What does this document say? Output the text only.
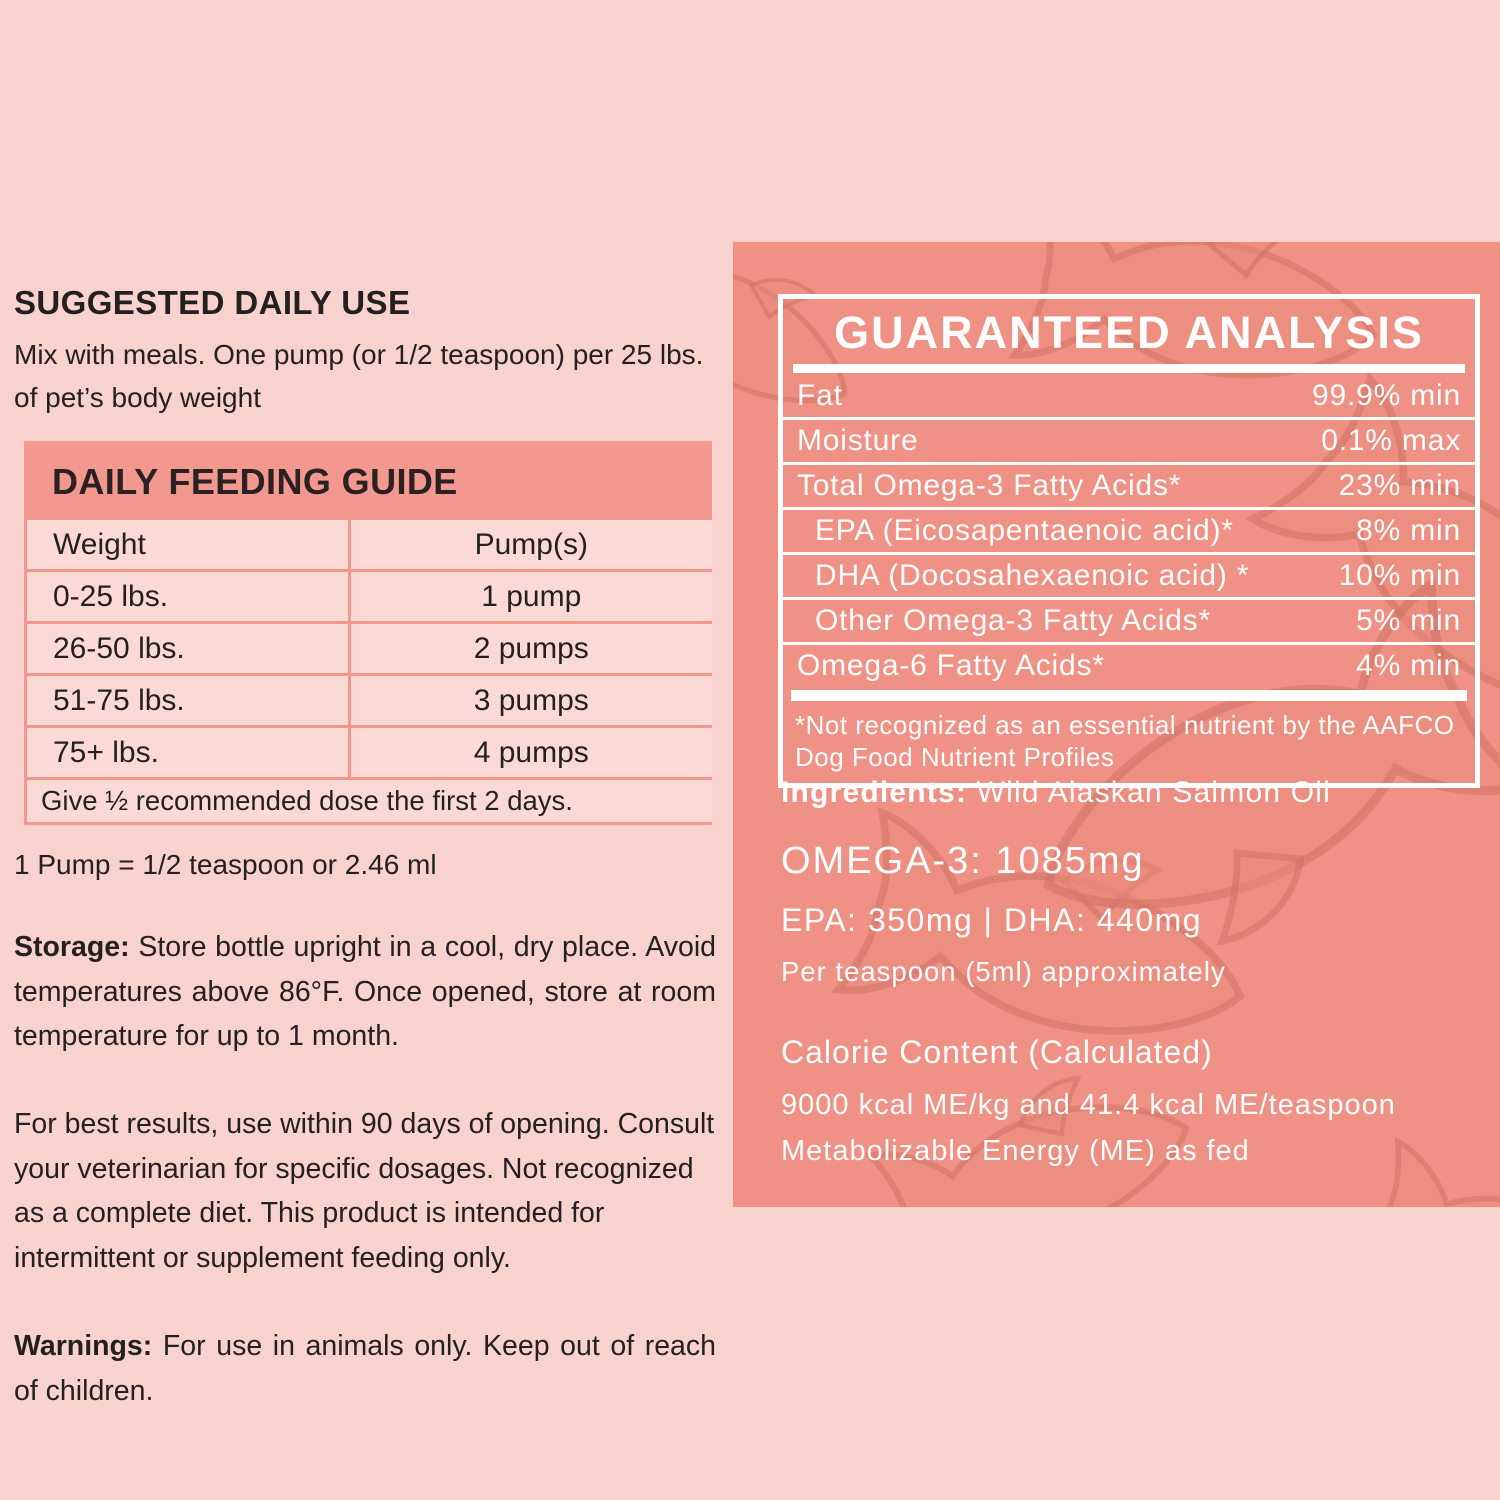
SUGGESTED DAILY USE

Mix with meals. One pump (or 1/2 teaspoon) per 25 lbs.
of pet’s body weight

DAILY FEEDING GUIDE
Weight	Pump(s)
0-25 lbs.	1 pump
26-50 lbs.	2 pumps
51-75 lbs.	3 pumps
75+ lbs.	4 pumps
Give ½ recommended dose the first 2 days.

1 Pump = 1/2 teaspoon or 2.46 ml

Storage: Store bottle upright in a cool, dry place. Avoid temperatures above 86°F. Once opened, store at room temperature for up to 1 month.

For best results, use within 90 days of opening. Consult your veterinarian for specific dosages. Not recognized as a complete diet. This product is intended for intermittent or supplement feeding only.

Warnings: For use in animals only. Keep out of reach of children.

GUARANTEED ANALYSIS
Fat	99.9% min
Moisture	0.1% max
Total Omega-3 Fatty Acids*	23% min
EPA (Eicosapentaenoic acid)*	8% min
DHA (Docosahexaenoic acid) *	10% min
Other Omega-3 Fatty Acids*	5% min
Omega-6 Fatty Acids*	4% min
*Not recognized as an essential nutrient by the AAFCO Dog Food Nutrient Profiles

Ingredients: Wild Alaskan Salmon Oil

OMEGA-3: 1085mg

EPA: 350mg | DHA: 440mg

Per teaspoon (5ml) approximately

Calorie Content (Calculated)

9000 kcal ME/kg and 41.4 kcal ME/teaspoon

Metabolizable Energy (ME) as fed
